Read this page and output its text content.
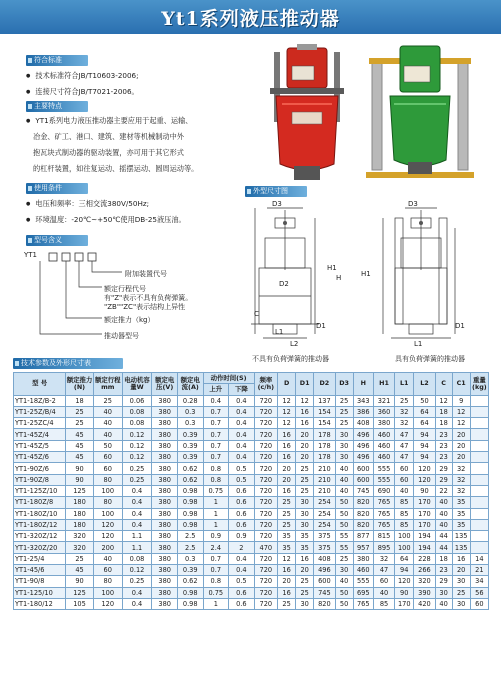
Yt1系列液压推动器
符合标准
● 技术标准符合JB/T10603-2006;
● 连接尺寸符合JB/T7021-2006。
主要特点
● YT1系列电力液压推动器主要应用于起重、运输、
冶金、矿工、港口、建筑、建材等机械制动中外
抱瓦块式制动器的驱动装置，亦可用于其它形式
的杠杆装置，如往复运动、摇摆运动、圆周运动等。
使用条件
● 电压和频率：三相交流380V/50Hz;
● 环境温度：-20℃~+50℃使用DB-25液压油。
型号含义
YT1
附加装置代号
额定行程代号
有"Z"表示不具有负荷弹簧。
"ZB""ZC"表示结构上异性
额定推力（kg）
推动器型号
外型尺寸图
D3	D3
D2
H1
H	H1
C
L1
L2
D1
L1
D1
不具有负荷弹簧的推动器	具有负荷弹簧的推动器
技术参数及外形尺寸表
型 号	额定推力(N)	额定行程mm	电动机容量W	额定电压(V)	额定电流(A)	动作时间(S)		频率(c/h)	D	D1	D2	D3	H	H1	L1	L2	C	C1	重量(kg)
						上升	下降												
YT1-18Z/B-2	18	25	0.06	380	0.28	0.4	0.4	720	12	12	137	25	343	321	25	50	12	9	
YT1-25Z/B/4	25	40	0.08	380	0.3	0.7	0.4	720	12	16	154	25	386	360	32	64	18	12	
YT1-25ZC/4	25	40	0.08	380	0.3	0.7	0.4	720	12	16	154	25	408	380	32	64	18	12	
YT1-45Z/4	45	40	0.12	380	0.39	0.7	0.4	720	16	20	178	30	496	460	47	94	23	20	
YT1-45Z/5	45	50	0.12	380	0.39	0.7	0.4	720	16	20	178	30	496	460	47	94	23	20	
YT1-45Z/6	45	60	0.12	380	0.39	0.7	0.4	720	16	20	178	30	496	460	47	94	23	20	
YT1-90Z/6	90	60	0.25	380	0.62	0.8	0.5	720	20	25	210	40	600	555	60	120	29	32	
YT1-90Z/8	90	80	0.25	380	0.62	0.8	0.5	720	20	25	210	40	600	555	60	120	29	32	
YT1-125Z/10	125	100	0.4	380	0.98	0.75	0.6	720	16	25	210	40	745	690	40	90	22	32	
YT1-180Z/8	180	80	0.4	380	0.98	1	0.6	720	25	30	254	50	820	765	85	170	40	35	
YT1-180Z/10	180	100	0.4	380	0.98	1	0.6	720	25	30	254	50	820	765	85	170	40	35	
YT1-180Z/12	180	120	0.4	380	0.98	1	0.6	720	25	30	254	50	820	765	85	170	40	35	
YT1-320Z/12	320	120	1.1	380	2.5	0.9	0.9	720	35	35	375	55	877	815	100	194	44	135	
YT1-320Z/20	320	200	1.1	380	2.5	2.4	2	470	35	35	375	55	957	895	100	194	44	135	
YT1-25/4	25	40	0.08	380	0.3	0.7	0.4	720	12	16	408	25	380	32	64	228	18	16	14
YT1-45/6	45	60	0.12	380	0.39	0.7	0.4	720	16	20	496	30	460	47	94	266	23	20	21
YT1-90/8	90	80	0.25	380	0.62	0.8	0.5	720	20	25	600	40	555	60	120	320	29	30	34
YT1-125/10	125	100	0.4	380	0.98	0.75	0.6	720	16	25	745	50	695	40	90	390	30	25	56
YT1-180/12	105	120	0.4	380	0.98	1	0.6	720	25	30	820	50	765	85	170	420	40	30	60
